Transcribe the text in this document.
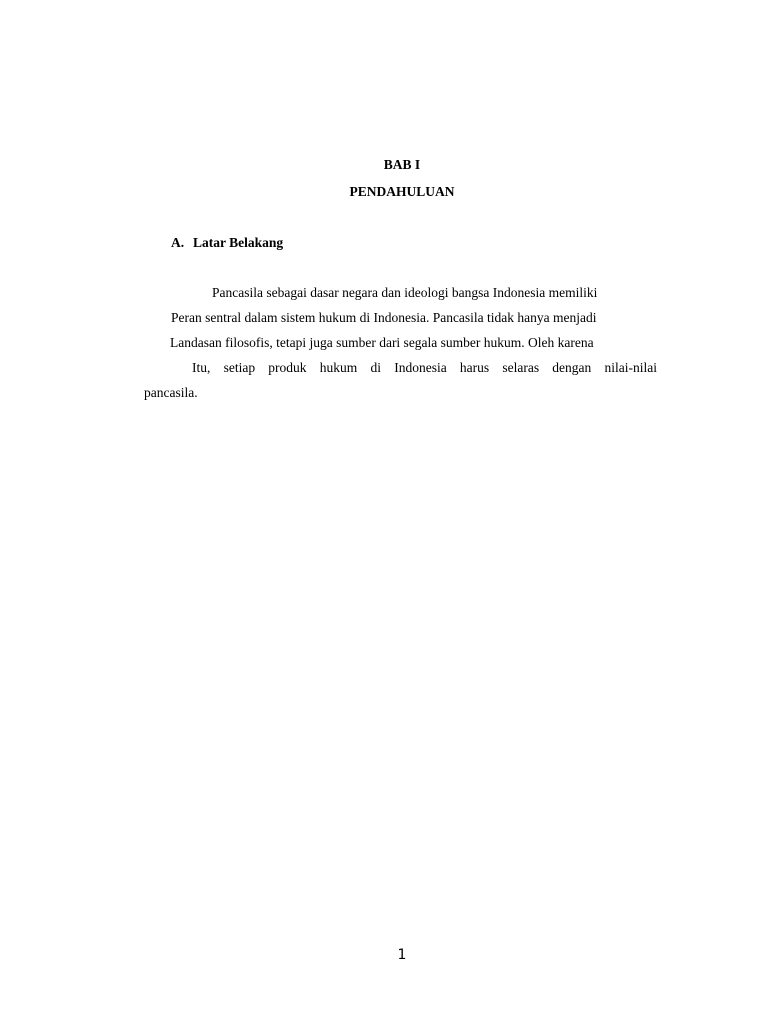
BAB I
PENDAHULUAN
A. Latar Belakang
Pancasila sebagai dasar negara dan ideologi bangsa Indonesia memiliki
Peran sentral dalam sistem hukum di Indonesia. Pancasila tidak hanya menjadi
Landasan filosofis, tetapi juga sumber dari segala sumber hukum. Oleh karena
Itu, setiap produk hukum di Indonesia harus selaras dengan nilai-nilai
pancasila.
1
